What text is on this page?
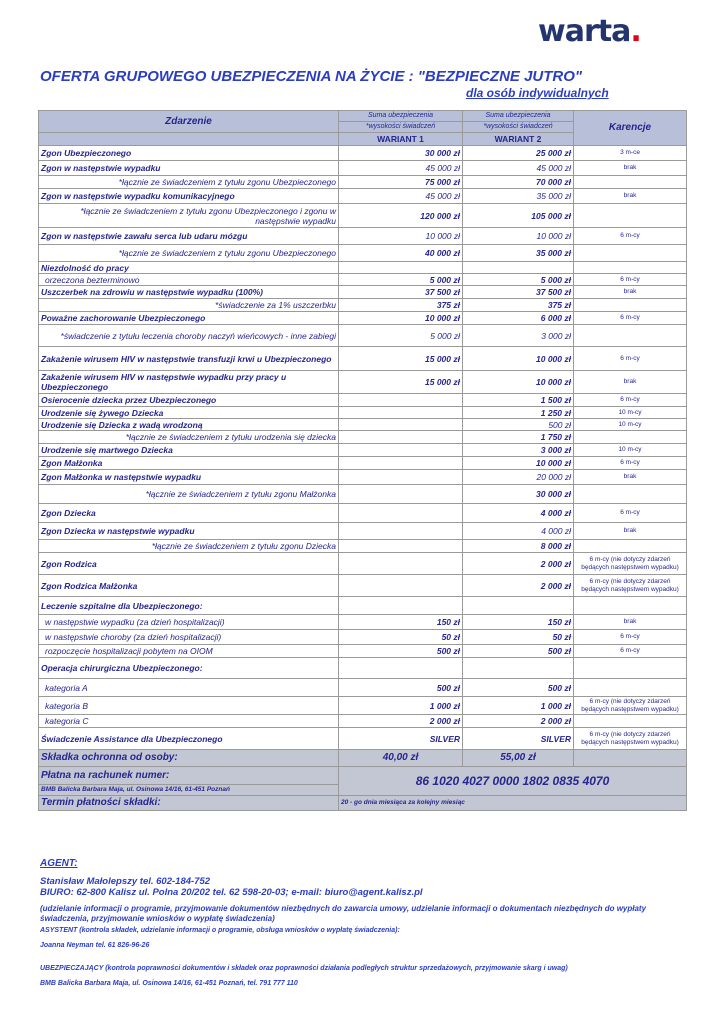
warta.
OFERTA GRUPOWEGO UBEZPIECZENIA NA ŻYCIE : "BEZPIECZNE JUTRO"
dla osób indywidualnych
Zdarzenie	Suma ubezpieczenia	Suma ubezpieczenia	Karencje
	*wysokości świadczeń	*wysokości świadczeń	
	WARIANT 1	WARIANT 2	
Zgon Ubezpieczonego	30 000 zł	25 000 zł	3 m-ce
Zgon w następstwie wypadku	45 000 zł	45 000 zł	brak
*łącznie ze świadczeniem z tytułu zgonu Ubezpieczonego	75 000 zł	70 000 zł	
Zgon w następstwie wypadku komunikacyjnego	45 000 zł	35 000 zł	brak
*łącznie ze świadczeniem z tytułu zgonu Ubezpieczonego i zgonu w następstwie wypadku	120 000 zł	105 000 zł	
Zgon w następstwie zawału serca lub udaru mózgu	10 000 zł	10 000 zł	6 m-cy
*łącznie ze świadczeniem z tytułu zgonu Ubezpieczonego	40 000 zł	35 000 zł	
Niezdolność do pracy			
orzeczona bezterminowo	5 000 zł	5 000 zł	6 m-cy
Uszczerbek na zdrowiu w następstwie wypadku (100%)	37 500 zł	37 500 zł	brak
*świadczenie za 1% uszczerbku	375 zł	375 zł	
Poważne zachorowanie Ubezpieczonego	10 000 zł	6 000 zł	6 m-cy
*świadczenie z tytułu leczenia choroby naczyń wieńcowych - inne zabiegi	5 000 zł	3 000 zł	
Zakażenie wirusem HIV w następstwie transfuzji krwi u Ubezpieczonego	15 000 zł	10 000 zł	6 m-cy
Zakażenie wirusem HIV w następstwie wypadku przy pracy u Ubezpieczonego	15 000 zł	10 000 zł	brak
Osierocenie dziecka przez Ubezpieczonego		1 500 zł	6 m-cy
Urodzenie się żywego Dziecka		1 250 zł	10 m-cy
Urodzenie się Dziecka z wadą wrodzoną		500 zł	10 m-cy
*łącznie ze świadczeniem z tytułu urodzenia się dziecka		1 750 zł	
Urodzenie się martwego Dziecka		3 000 zł	10 m-cy
Zgon Małżonka		10 000 zł	6 m-cy
Zgon Małżonka w następstwie wypadku		20 000 zł	brak
*łącznie ze świadczeniem z tytułu zgonu Małżonka		30 000 zł	
Zgon Dziecka		4 000 zł	6 m-cy
Zgon Dziecka w następstwie wypadku		4 000 zł	brak
*łącznie ze świadczeniem z tytułu zgonu Dziecka		8 000 zł	
Zgon Rodzica		2 000 zł	6 m-cy (nie dotyczy zdarzeń będących następstwem wypadku)
Zgon Rodzica Małżonka		2 000 zł	6 m-cy (nie dotyczy zdarzeń będących następstwem wypadku)
Leczenie szpitalne dla Ubezpieczonego:			
w następstwie wypadku (za dzień hospitalizacji)	150 zł	150 zł	brak
w następstwie choroby (za dzień hospitalizacji)	50 zł	50 zł	6 m-cy
rozpoczęcie hospitalizacji pobytem na OIOM	500 zł	500 zł	6 m-cy
Operacja chirurgiczna Ubezpieczonego:			
kategoria A	500 zł	500 zł	
kategoria B	1 000 zł	1 000 zł	6 m-cy (nie dotyczy zdarzeń będących następstwem wypadku)
kategoria C	2 000 zł	2 000 zł	
Świadczenie Assistance dla Ubezpieczonego	SILVER	SILVER	6 m-cy (nie dotyczy zdarzeń będących następstwem wypadku)
Składka ochronna od osoby:	40,00 zł	55,00 zł	
Płatna na rachunek numer:	86 1020 4027 0000 1802 0835 4070		
BMB Balicka Barbara Maja, ul. Osinowa 14/16, 61-451 Poznań			
Termin płatności składki:	20 - go dnia miesiąca za kolejny miesiąc		
AGENT:
Stanisław Małolepszy tel. 602-184-752
BIURO: 62-800 Kalisz ul. Polna 20/202 tel. 62 598-20-03; e-mail: biuro@agent.kalisz.pl
(udzielanie informacji o programie, przyjmowanie dokumentów niezbędnych do zawarcia umowy, udzielanie informacji o dokumentach niezbędnych do wypłaty świadczenia, przyjmowanie wniosków o wypłatę świadczenia)
ASYSTENT (kontrola składek, udzielanie informacji o programie, obsługa wniosków o wypłatę świadczenia):
Joanna Neyman tel. 61 826-96-26
UBEZPIECZAJĄCY (kontrola poprawności dokumentów i składek oraz poprawności działania podległych struktur sprzedażowych, przyjmowanie skarg i uwag)
BMB Balicka Barbara Maja, ul. Osinowa 14/16, 61-451 Poznań, tel. 791 777 110
